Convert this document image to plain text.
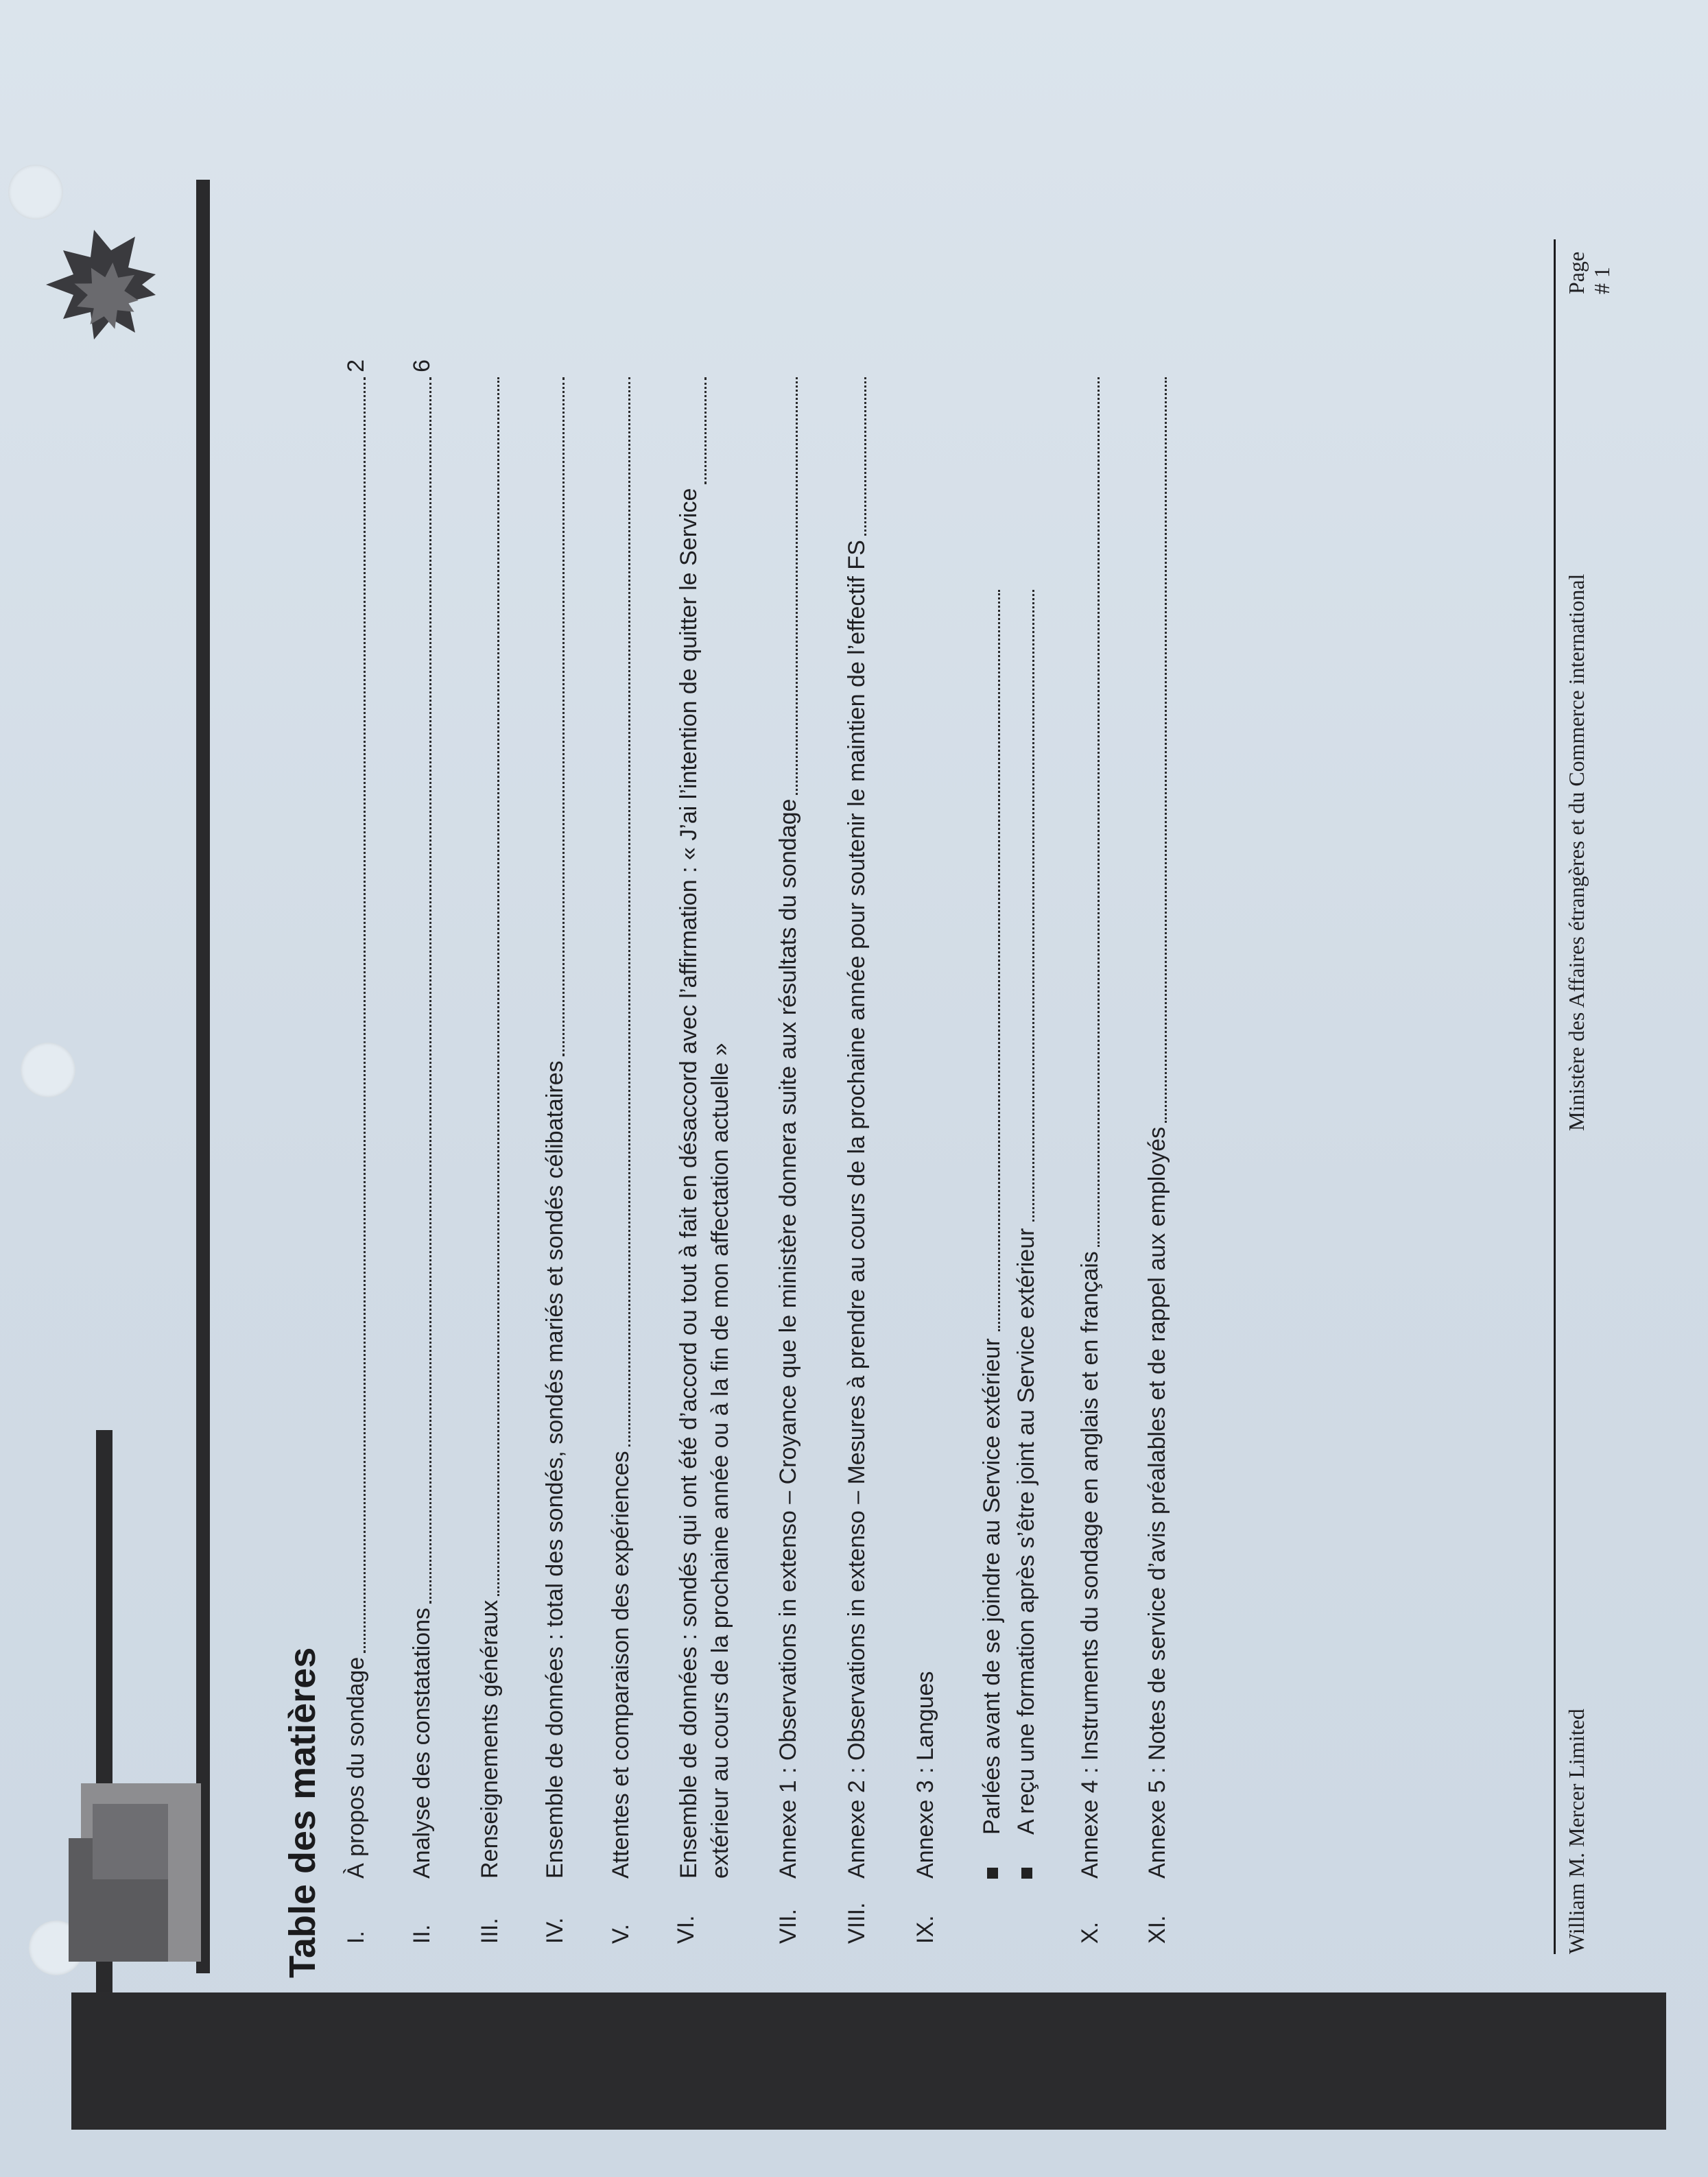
Table des matières I.
À propos du sondage
2
II.
Analyse des constatations
6
III.
Renseignements généraux
IV.
Ensemble de données : total des sondés, sondés mariés et sondés célibataires
V.
Attentes et comparaison des expériences
VI.
Ensemble de données : sondés qui ont été d’accord ou tout à fait en désaccord avec l’affirmation : « J’ai l’intention de quitter le Service extérieur au cours de la prochaine année ou à la fin de mon affectation actuelle »
VII.
Annexe 1 : Observations in extenso – Croyance que le ministère donnera suite aux résultats du sondage
VIII.
Annexe 2 : Observations in extenso – Mesures à prendre au cours de la prochaine année pour soutenir le maintien de l’effectif FS
IX.
Annexe 3 : Langues Parlées avant de se joindre au Service extérieur A reçu une formation après s’être joint au Service extérieur
X.
Annexe 4 : Instruments du sondage en anglais et en français
XI.
Annexe 5 : Notes de service d’avis préalables et de rappel aux employés	William M. Mercer Limited
Ministère des Affaires étrangères et du Commerce international
Page # 1
